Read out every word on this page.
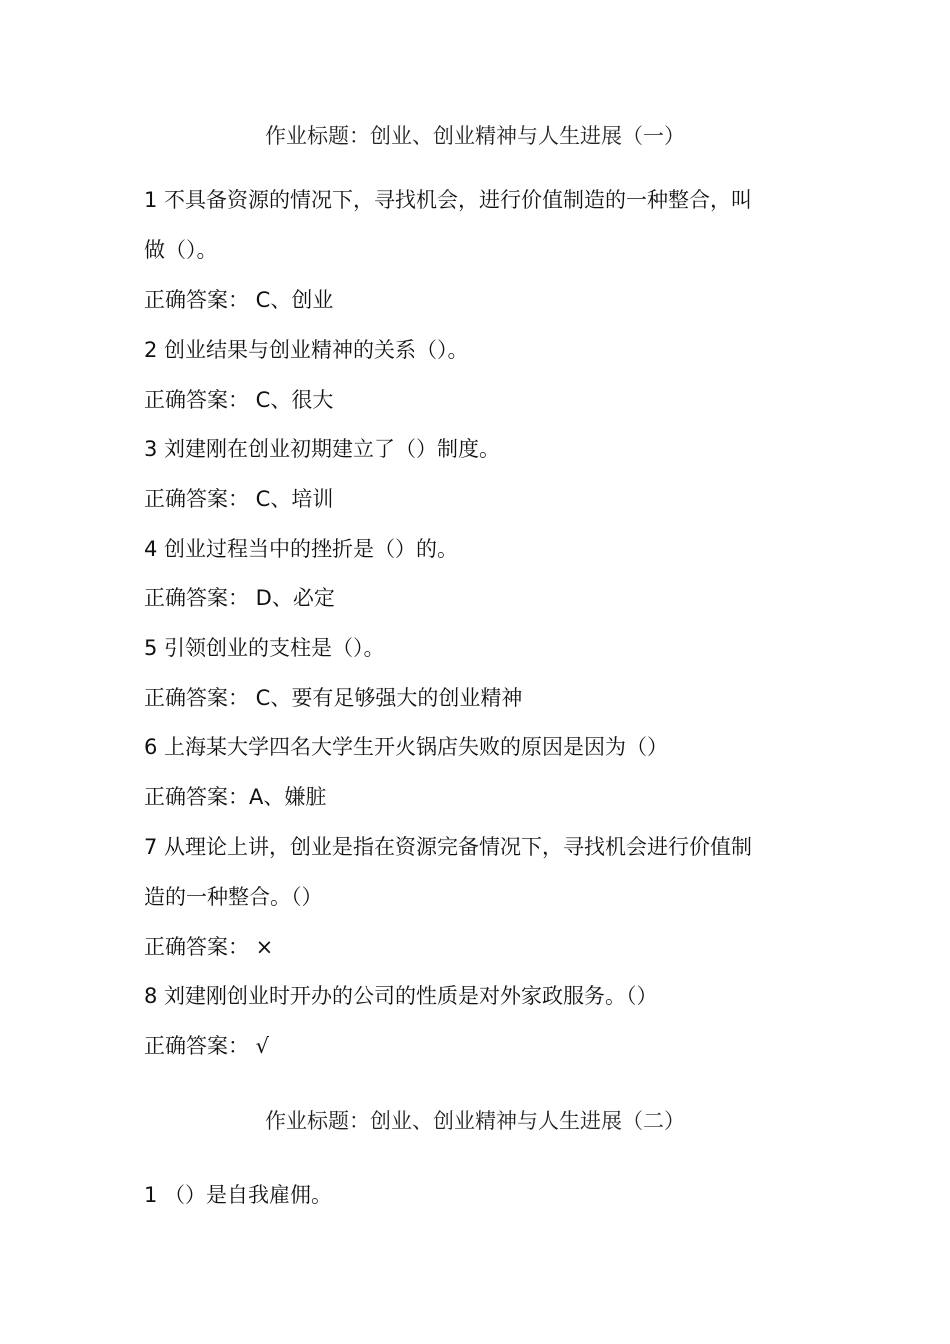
作业标题：创业、创业精神与人生进展（一）
1 不具备资源的情况下，寻找机会，进行价值制造的一种整合，叫
做（）。
正确答案： C、创业
2 创业结果与创业精神的关系（）。
正确答案： C、很大
3 刘建刚在创业初期建立了（）制度。
正确答案： C、培训
4 创业过程当中的挫折是（）的。
正确答案： D、必定
5 引领创业的支柱是（）。
正确答案： C、要有足够强大的创业精神
6 上海某大学四名大学生开火锅店失败的原因是因为（）
正确答案：A、嫌脏
7 从理论上讲，创业是指在资源完备情况下，寻找机会进行价值制
造的一种整合。（）
正确答案： ×
8 刘建刚创业时开办的公司的性质是对外家政服务。（）
正确答案： √
作业标题：创业、创业精神与人生进展（二）
1 （）是自我雇佣。
